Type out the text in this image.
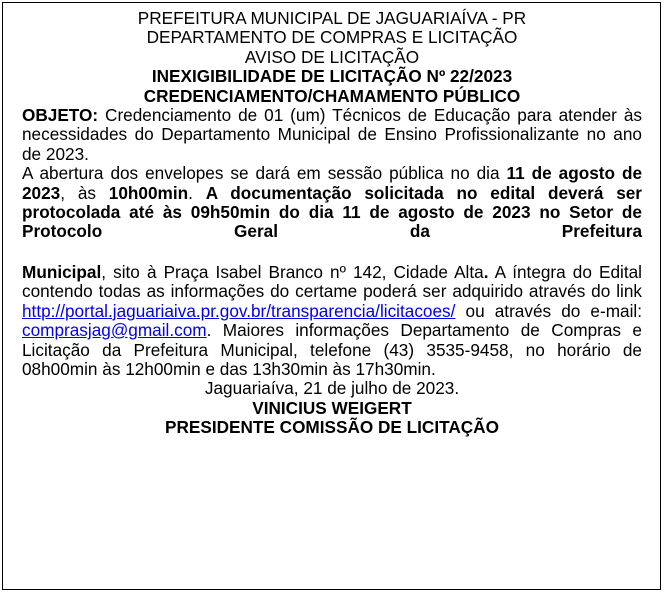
PREFEITURA MUNICIPAL DE JAGUARIAÍVA - PR
DEPARTAMENTO DE COMPRAS E LICITAÇÃO
AVISO DE LICITAÇÃO
INEXIGIBILIDADE DE LICITAÇÃO Nº 22/2023
CREDENCIAMENTO/CHAMAMENTO PÚBLICO

OBJETO: Credenciamento de 01 (um) Técnicos de Educação para atender às necessidades do Departamento Municipal de Ensino Profissionalizante no ano de 2023.

A abertura dos envelopes se dará em sessão pública no dia 11 de agosto de 2023, às 10h00min. A documentação solicitada no edital deverá ser protocolada até às 09h50min do dia 11 de agosto de 2023 no Setor de Protocolo Geral da Prefeitura

Municipal, sito à Praça Isabel Branco nº 142, Cidade Alta. A íntegra do Edital contendo todas as informações do certame poderá ser adquirido através do link http://portal.jaguariaiva.pr.gov.br/transparencia/licitacoes/ ou através do e-mail: comprasjag@gmail.com. Maiores informações Departamento de Compras e Licitação da Prefeitura Municipal, telefone (43) 3535-9458, no horário de 08h00min às 12h00min e das 13h30min às 17h30min.

Jaguariaíva, 21 de julho de 2023.
VINICIUS WEIGERT
PRESIDENTE COMISSÃO DE LICITAÇÃO
